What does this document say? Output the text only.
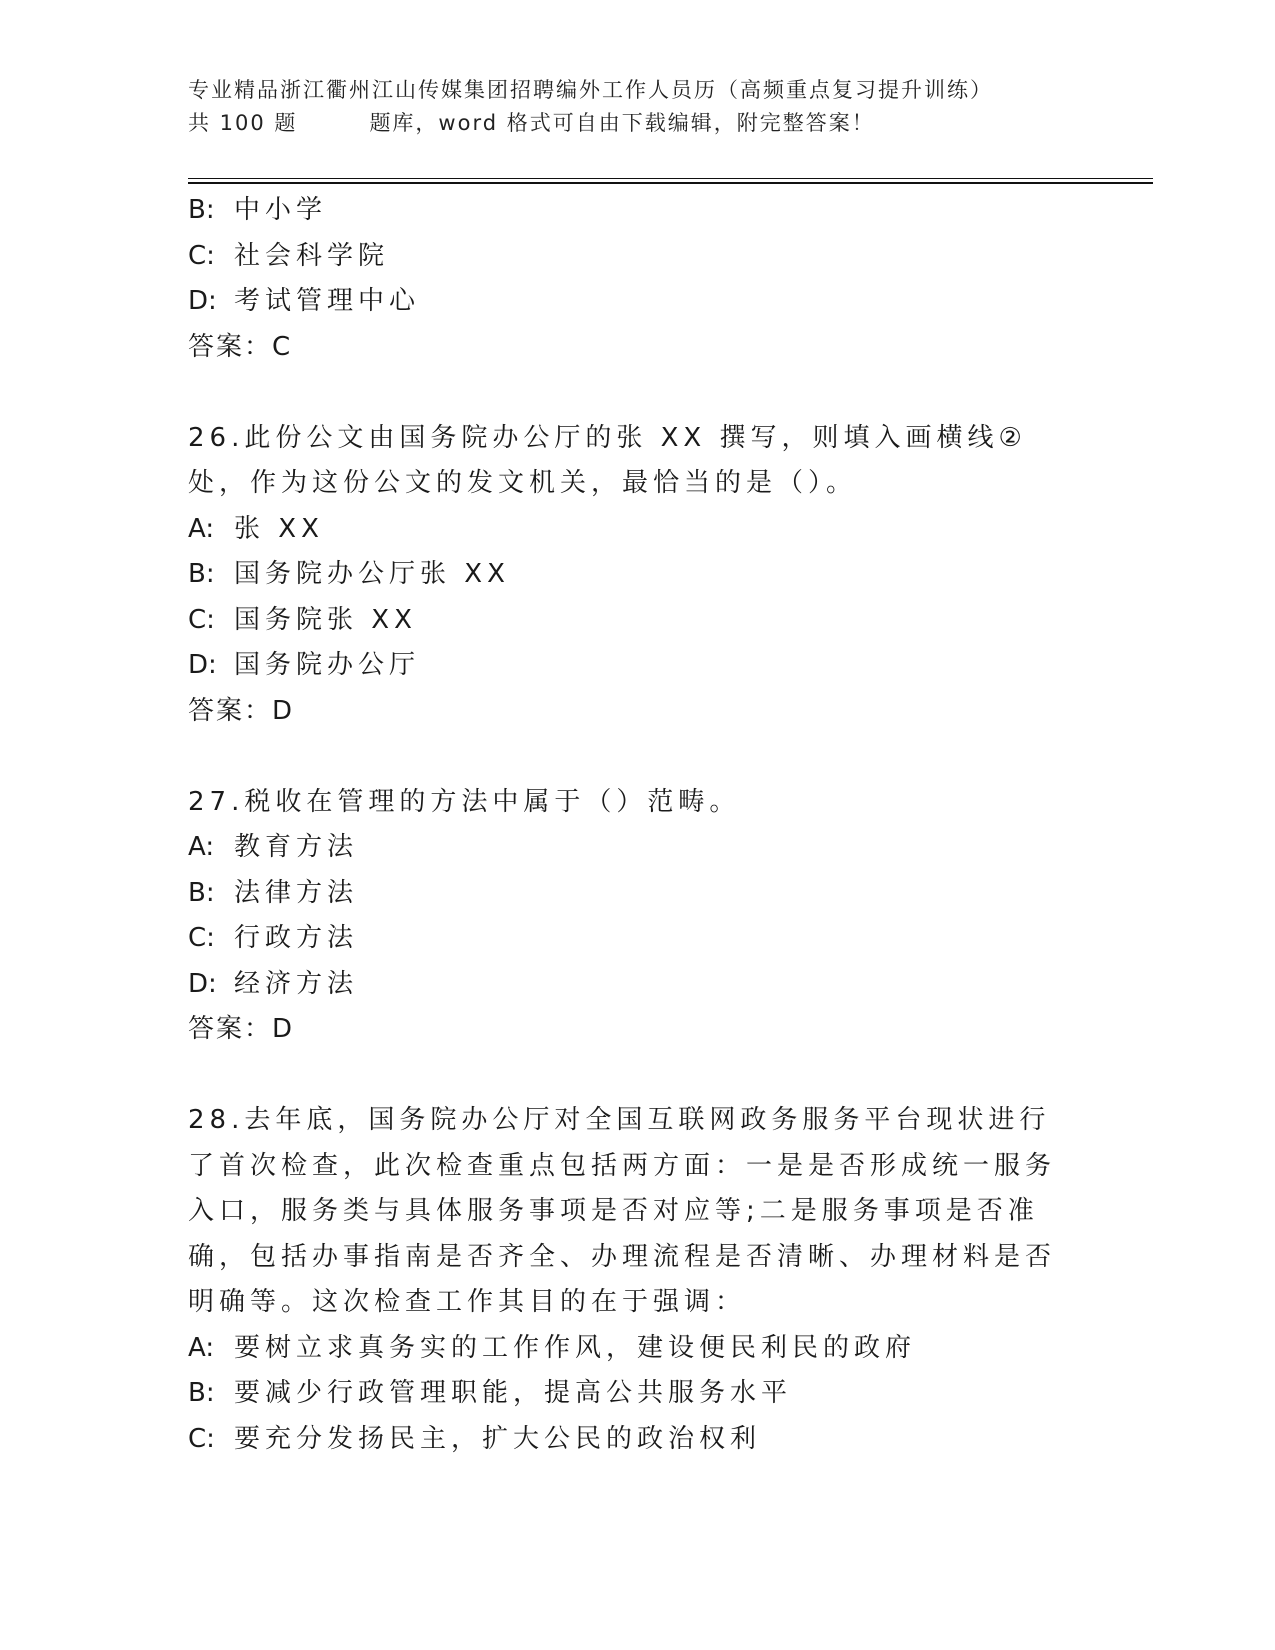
专业精品浙江衢州江山传媒集团招聘编外工作人员历（高频重点复习提升训练）
共 100 题	题库，word 格式可自由下载编辑，附完整答案！
B: 中小学
C: 社会科学院
D: 考试管理中心
答案：C
26.此份公文由国务院办公厅的张 XX 撰写，则填入画横线②处，作为这份公文的发文机关，最恰当的是（）。
A: 张 XX
B: 国务院办公厅张 XX
C: 国务院张 XX
D: 国务院办公厅
答案：D
27.税收在管理的方法中属于（）范畴。
A: 教育方法
B: 法律方法
C: 行政方法
D: 经济方法
答案：D
28.去年底，国务院办公厅对全国互联网政务服务平台现状进行了首次检查，此次检查重点包括两方面：一是是否形成统一服务入口，服务类与具体服务事项是否对应等;二是服务事项是否准确，包括办事指南是否齐全、办理流程是否清晰、办理材料是否明确等。这次检查工作其目的在于强调：
A: 要树立求真务实的工作作风，建设便民利民的政府
B: 要减少行政管理职能，提高公共服务水平
C: 要充分发扬民主，扩大公民的政治权利
